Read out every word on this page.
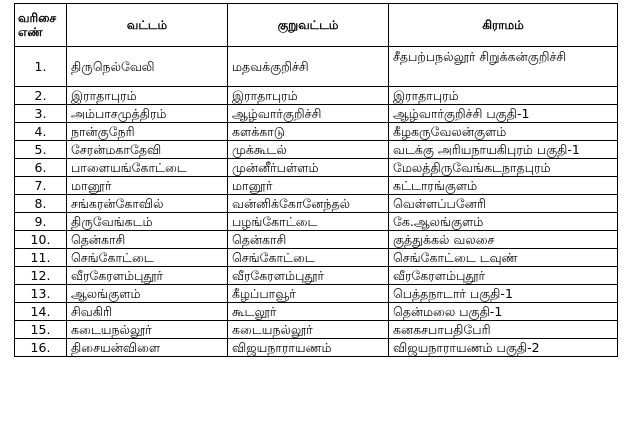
வரிசை எண்	வட்டம்	குறுவட்டம்	கிராமம்
1.	திருநெல்வேலி	மதவக்குறிச்சி	சீதபற்பநல்லூர் சிறுக்கன்குறிச்சி
2.	இராதாபுரம்	இராதாபுரம்	இராதாபுரம்
3.	அம்பாசமுத்திரம்	ஆழ்வார்குறிச்சி	ஆழ்வார்குறிச்சி பகுதி-1
4.	நான்குநேரி	களக்காடு	கீழகருவேலன்குளம்
5.	சேரன்மகாதேவி	முக்கூடல்	வடக்கு அரியநாயகிபுரம் பகுதி-1
6.	பாளையங்கோட்டை	முன்னீர்பள்ளம்	மேலத்திருவேங்கடநாதபுரம்
7.	மானூர்	மானூர்	கட்டாரங்குளம்
8.	சங்கரன்கோவில்	வன்னிக்கோனேந்தல்	வெள்ளப்பனேரி
9.	திருவேங்கடம்	பழங்கோட்டை	கே.ஆலங்குளம்
10.	தென்காசி	தென்காசி	குத்துக்கல் வலசை
11.	செங்கோட்டை	செங்கோட்டை	செங்கோட்டை டவுண்
12.	வீரகேரளம்புதூர்	வீரகேரளம்புதூர்	வீரகேரளம்புதூர்
13.	ஆலங்குளம்	கீழப்பாவூர்	பெத்தநாடார் பகுதி-1
14.	சிவகிரி	கூடலூர்	தென்மலை பகுதி-1
15.	கடையநல்லூர்	கடையநல்லூர்	கனகசபாபதிபேரி
16.	திசையன்விளை	விஜயநாராயணம்	விஜயநாராயணம் பகுதி-2
